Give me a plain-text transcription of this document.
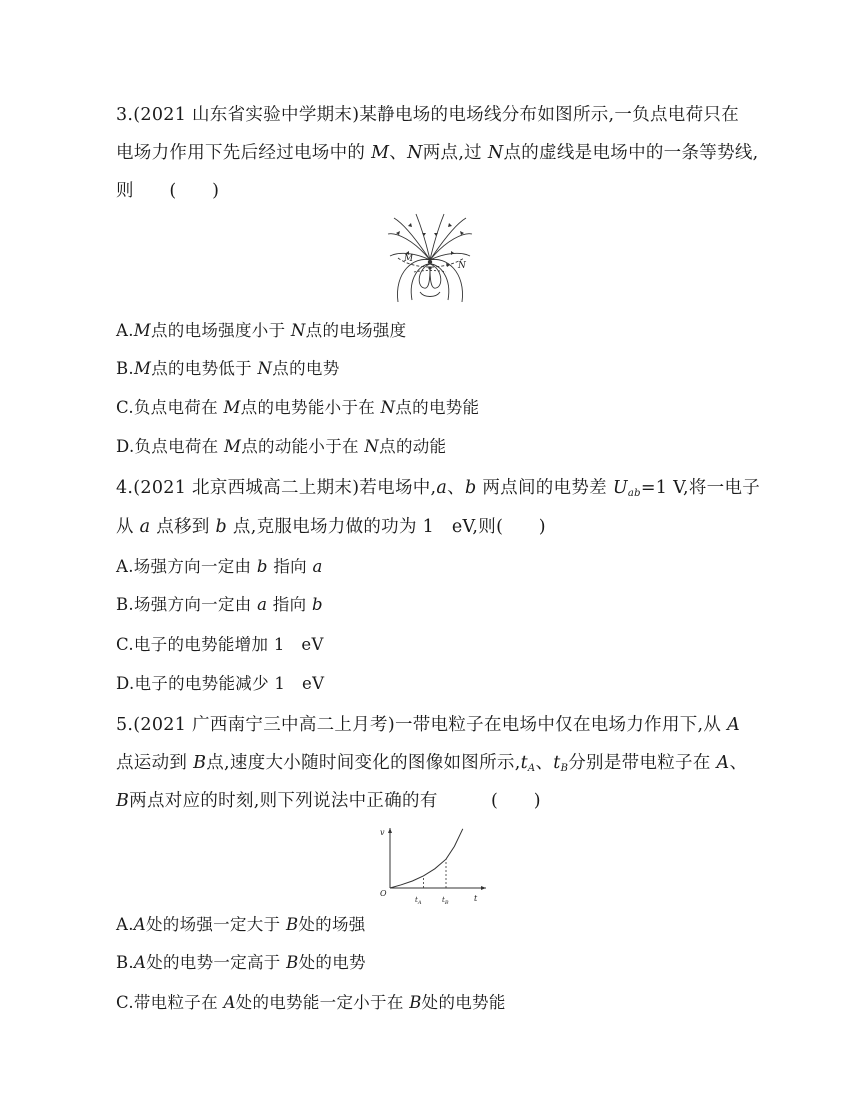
3.(2021 山东省实验中学期末)某静电场的电场线分布如图所示,一负点电荷只在
电场力作用下先后经过电场中的 M、N两点,过 N点的虚线是电场中的一条等势线,
则　　(　　)
M
N
A.M点的电场强度小于 N点的电场强度
B.M点的电势低于 N点的电势
C.负点电荷在 M点的电势能小于在 N点的电势能
D.负点电荷在 M点的动能小于在 N点的动能
4.(2021 北京西城高二上期末)若电场中,a、b 两点间的电势差 $U_{ab}=1$ V,将一电子
从 a 点移到 b 点,克服电场力做的功为 1　eV,则(　　)
A.场强方向一定由 b 指向 a
B.场强方向一定由 a 指向 b
C.电子的电势能增加 1　eV
D.电子的电势能减少 1　eV
5.(2021 广西南宁三中高二上月考)一带电粒子在电场中仅在电场力作用下,从 A
点运动到 B点,速度大小随时间变化的图像如图所示$,t_A$、$t_B$分别是带电粒子在 A、
B两点对应的时刻,则下列说法中正确的有　　　(　　)
v
t
O
$t_A$	$t_B$
A.A处的场强一定大于 B处的场强
B.A处的电势一定高于 B处的电势
C.带电粒子在 A处的电势能一定小于在 B处的电势能
